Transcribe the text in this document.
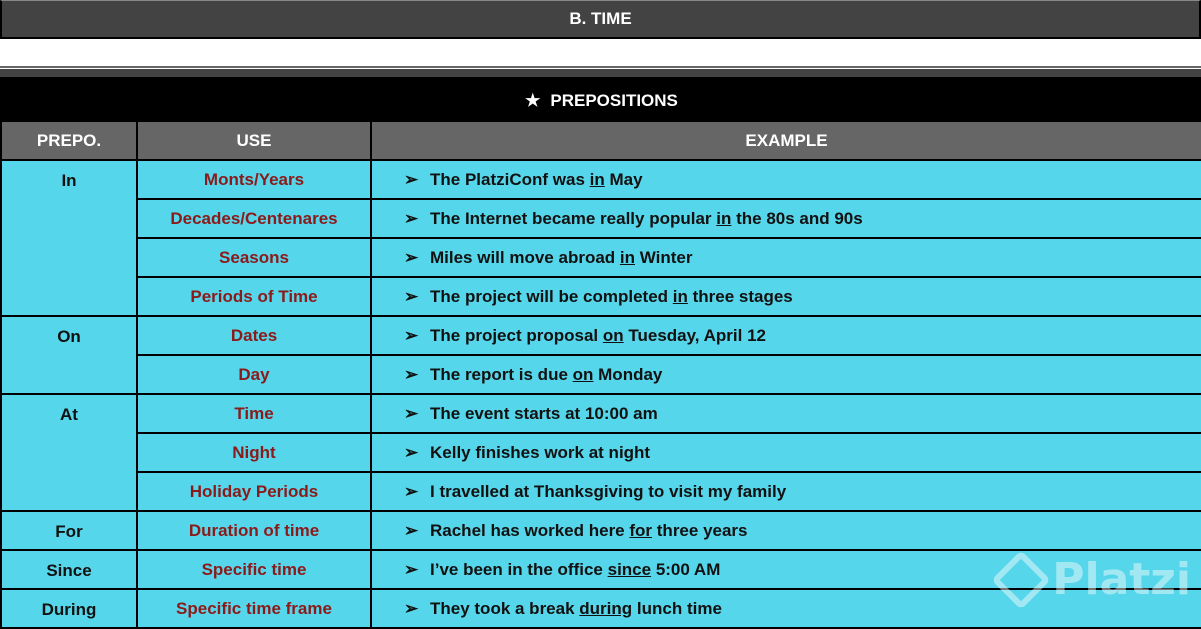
B. TIME
★ PREPOSITIONS		
PREPO.	USE	EXAMPLE
In	Monts/Years	➢ The PlatziConf was in May
	Decades/Centenares	➢ The Internet became really popular in the 80s and 90s
	Seasons	➢ Miles will move abroad in Winter
	Periods of Time	➢ The project will be completed in three stages
On	Dates	➢ The project proposal on Tuesday, April 12
	Day	➢ The report is due on Monday
At	Time	➢ The event starts at 10:00 am
	Night	➢ Kelly finishes work at night
	Holiday Periods	➢ I travelled at Thanksgiving to visit my family
For	Duration of time	➢ Rachel has worked here for three years
Since	Specific time	➢ I’ve been in the office since 5:00 AM
During	Specific time frame	➢ They took a break during lunch time
Platzi
